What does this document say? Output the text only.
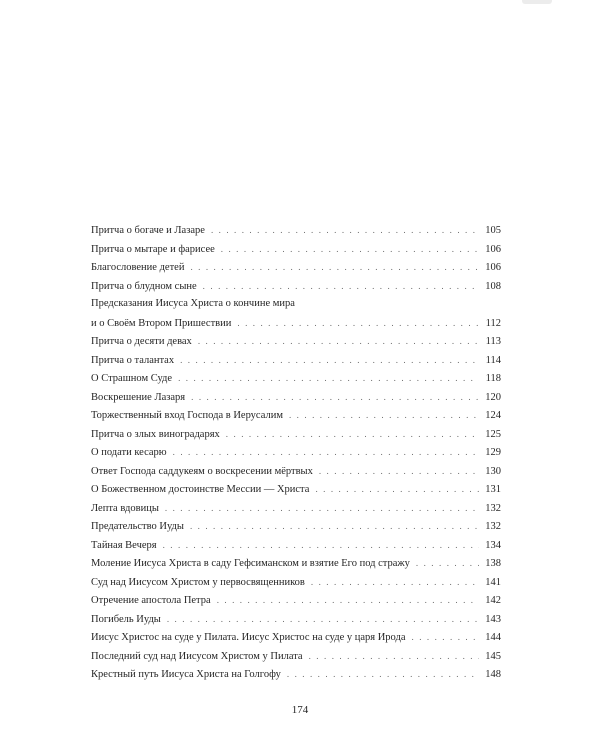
Притча о богаче и Лазаре . . .	105
Притча о мытаре и фарисее . . .	106
Благословение детей . . .	106
Притча о блудном сыне . . .	108
Предсказания Иисуса Христа о кончине мира
и о Своём Втором Пришествии . . .	112
Притча о десяти девах . . .	113
Притча о талантах . . .	114
О Страшном Суде . . .	118
Воскрешение Лазаря . . .	120
Торжественный вход Господа в Иерусалим . . .	124
Притча о злых виноградарях . . .	125
О подати кесарю . . .	129
Ответ Господа саддукеям о воскресении мёртвых . . .	130
О Божественном достоинстве Мессии — Христа . . .	131
Лепта вдовицы . . .	132
Предательство Иуды . . .	132
Тайная Вечеря . . .	134
Моление Иисуса Христа в саду Гефсиманском и взятие Его под стражу . . .	138
Суд над Иисусом Христом у первосвященников . . .	141
Отречение апостола Петра . . .	142
Погибель Иуды . . .	143
Иисус Христос на суде у Пилата. Иисус Христос на суде у царя Ирода . . .	144
Последний суд над Иисусом Христом у Пилата . . .	145
Крестный путь Иисуса Христа на Голгофу . . .	148
174
